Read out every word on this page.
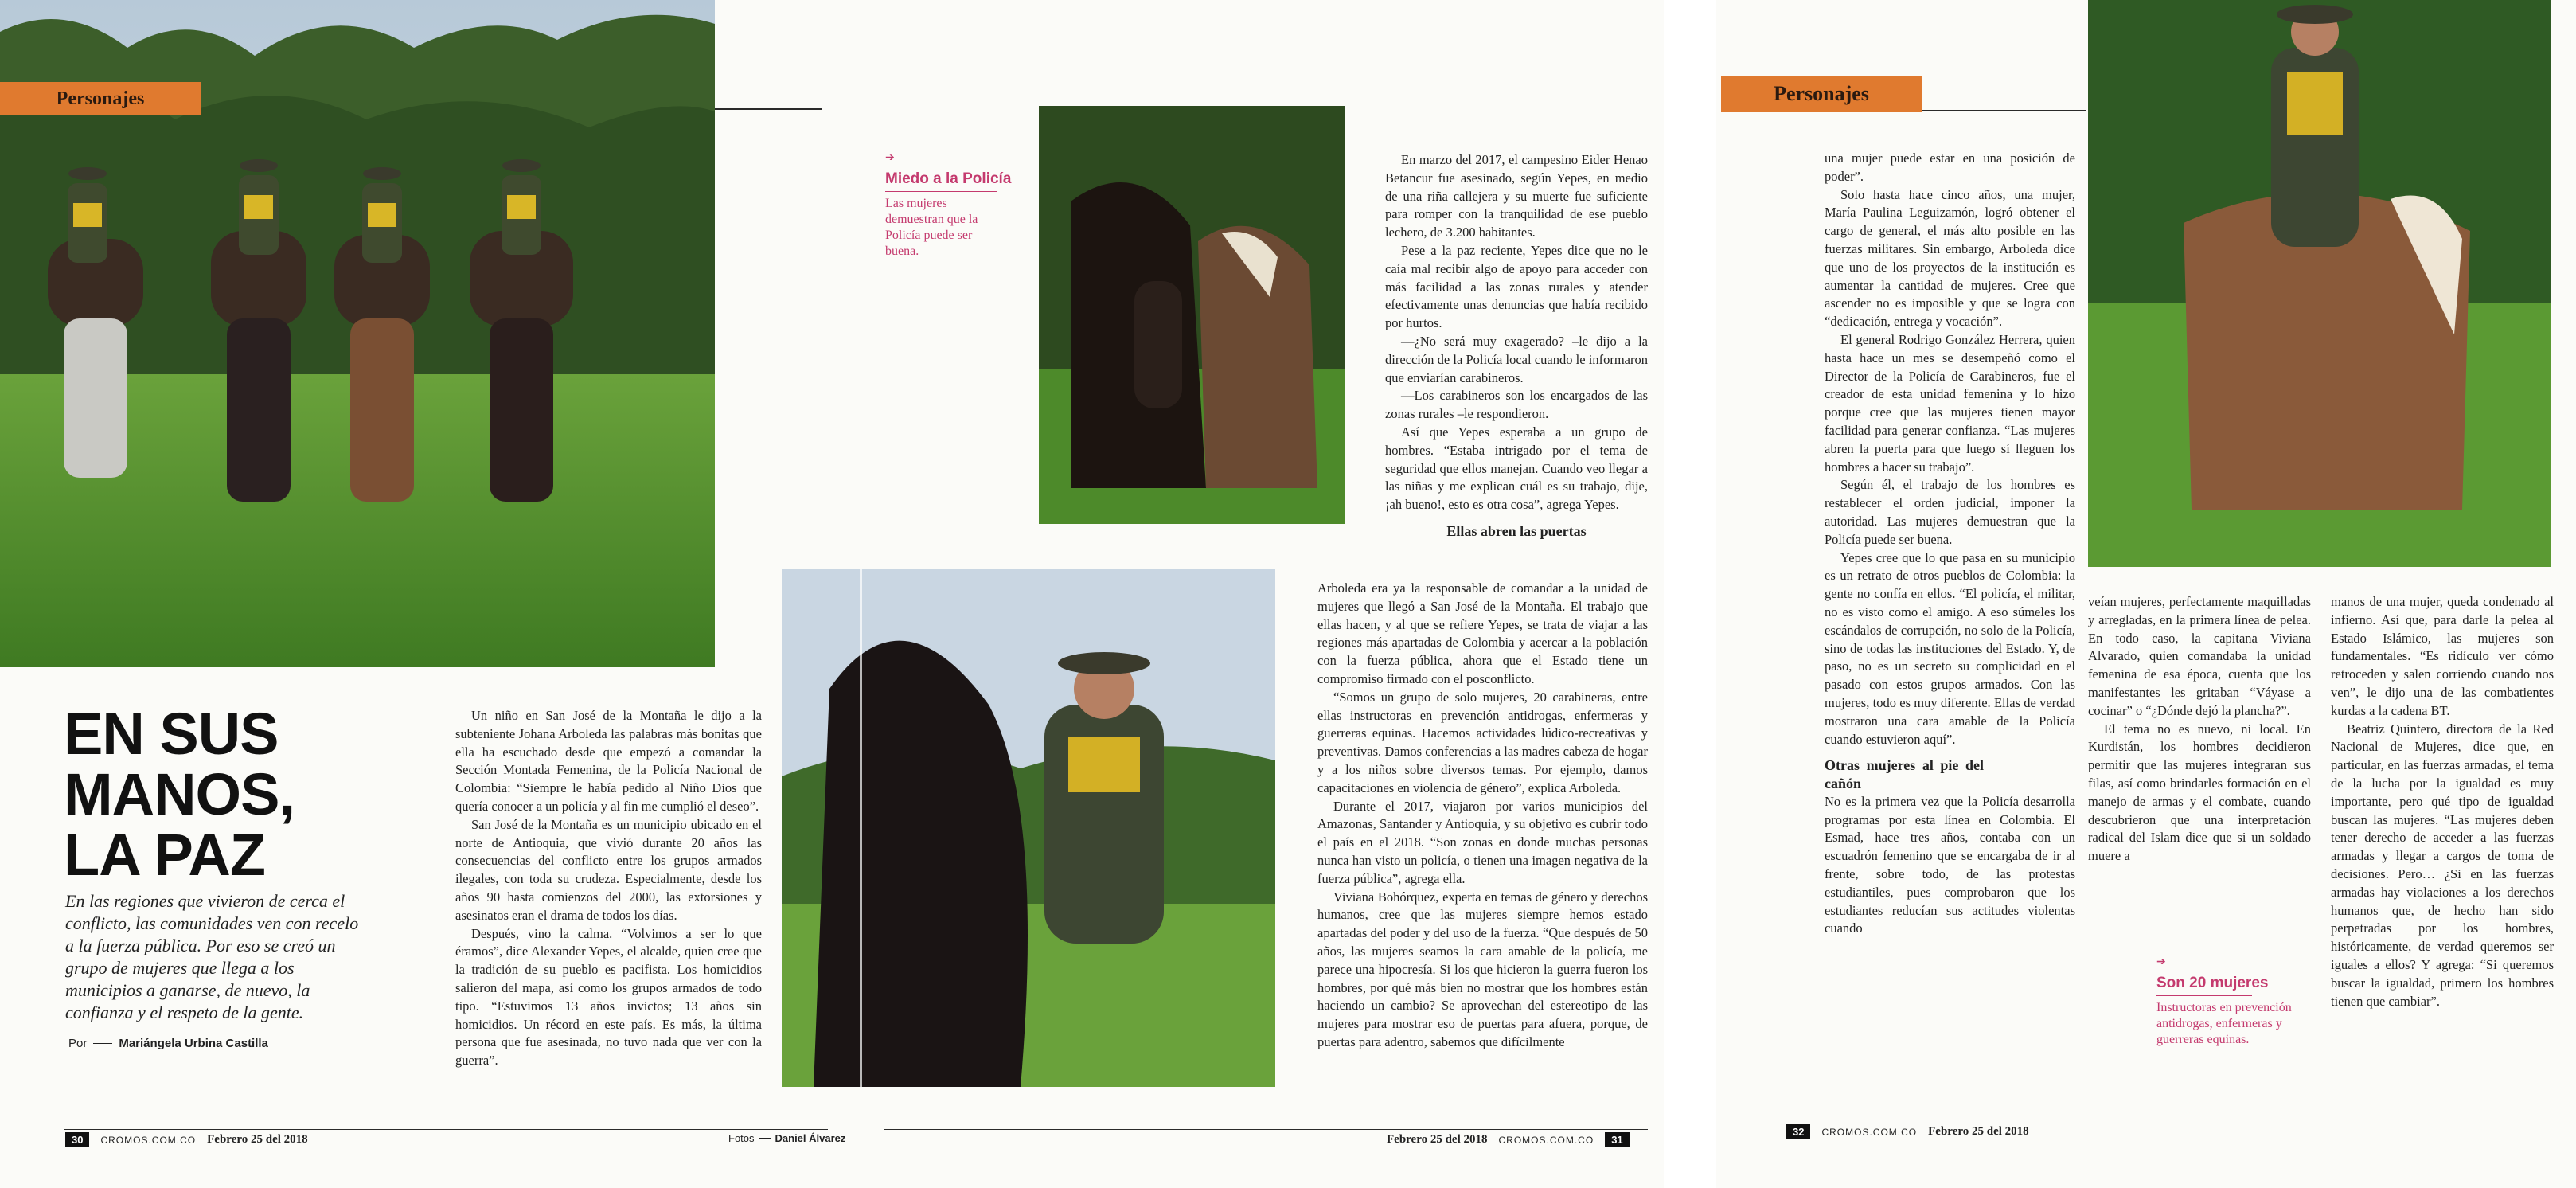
Personajes
EN SUS
MANOS,
LA PAZ
En las regiones que vivieron de cerca el conflicto, las comunidades ven con recelo a la fuerza pública. Por eso se creó un grupo de mujeres que llega a los municipios a ganarse, de nuevo, la confianza y el respeto de la gente.
Por	Mariángela Urbina Castilla

Un niño en San José de la Montaña le dijo a la subteniente Johana Arboleda las palabras más bonitas que ella ha escuchado desde que empezó a comandar la Sección Montada Femenina, de la Policía Nacional de Colombia: “Siempre le había pedido al Niño Dios que quería conocer a un policía y al fin me cumplió el deseo”.

San José de la Montaña es un municipio ubicado en el norte de Antioquia, que vivió durante 20 años las consecuencias del conflicto entre los grupos armados ilegales, con toda su crudeza. Especialmente, desde los años 90 hasta comienzos del 2000, las extorsiones y asesinatos eran el drama de todos los días.

Después, vino la calma. “Volvimos a ser lo que éramos”, dice Alexander Yepes, el alcalde, quien cree que la tradición de su pueblo es pacifista. Los homicidios salieron del mapa, así como los grupos armados de todo tipo. “Estuvimos 13 años invictos; 13 años sin homicidios. Un récord en este país. Es más, la última persona que fue asesinada, no tuvo nada que ver con la guerra”.

➔
Miedo a la Policía
Las mujeres demuestran que la Policía puede ser buena.

En marzo del 2017, el campesino Eider Henao Betancur fue asesinado, según Yepes, en medio de una riña callejera y su muerte fue suficiente para romper con la tranquilidad de ese pueblo lechero, de 3.200 habitantes.

Pese a la paz reciente, Yepes dice que no le caía mal recibir algo de apoyo para acceder con más facilidad a las zonas rurales y atender efectivamente unas denuncias que había recibido por hurtos.

—¿No será muy exagerado? –le dijo a la dirección de la Policía local cuando le informaron que enviarían carabineros.

—Los carabineros son los encargados de las zonas rurales –le respondieron.

Así que Yepes esperaba a un grupo de hombres. “Estaba intrigado por el tema de seguridad que ellos manejan. Cuando veo llegar a las niñas y me explican cuál es su trabajo, dije, ¡ah bueno!, esto es otra cosa”, agrega Yepes.

Ellas abren las puertas

Arboleda era ya la responsable de comandar a la unidad de mujeres que llegó a San José de la Montaña. El trabajo que ellas hacen, y al que se refiere Yepes, se trata de viajar a las regiones más apartadas de Colombia y acercar a la población con la fuerza pública, ahora que el Estado tiene un compromiso firmado con el posconflicto.

“Somos un grupo de solo mujeres, 20 carabineras, entre ellas instructoras en prevención antidrogas, enfermeras y guerreras equinas. Hacemos actividades lúdico-recreativas y preventivas. Damos conferencias a las madres cabeza de hogar y a los niños sobre diversos temas. Por ejemplo, damos capacitaciones en violencia de género”, explica Arboleda.

Durante el 2017, viajaron por varios municipios del Amazonas, Santander y Antioquia, y su objetivo es cubrir todo el país en el 2018. “Son zonas en donde muchas personas nunca han visto un policía, o tienen una imagen negativa de la fuerza pública”, agrega ella.

Viviana Bohórquez, experta en temas de género y derechos humanos, cree que las mujeres siempre hemos estado apartadas del poder y del uso de la fuerza. “Que después de 50 años, las mujeres seamos la cara amable de la policía, me parece una hipocresía. Si los que hicieron la guerra fueron los hombres, por qué más bien no mostrar que los hombres están haciendo un cambio? Se aprovechan del estereotipo de las mujeres para mostrar eso de puertas para afuera, porque, de puertas para adentro, sabemos que difícilmente

30	CROMOS.COM.CO Febrero 25 del 2018	Fotos Daniel Álvarez	Febrero 25 del 2018 CROMOS.COM.CO	31
Personajes

una mujer puede estar en una posición de poder”.

Solo hasta hace cinco años, una mujer, María Paulina Leguizamón, logró obtener el cargo de general, el más alto posible en las fuerzas militares. Sin embargo, Arboleda dice que uno de los proyectos de la institución es aumentar la cantidad de mujeres. Cree que ascender no es imposible y que se logra con “dedicación, entrega y vocación”.

El general Rodrigo González Herrera, quien hasta hace un mes se desempeñó como el Director de la Policía de Carabineros, fue el creador de esta unidad femenina y lo hizo porque cree que las mujeres tienen mayor facilidad para generar confianza. “Las mujeres abren la puerta para que luego sí lleguen los hombres a hacer su trabajo”.

Según él, el trabajo de los hombres es restablecer el orden judicial, imponer la autoridad. Las mujeres demuestran que la Policía puede ser buena.

Yepes cree que lo que pasa en su municipio es un retrato de otros pueblos de Colombia: la gente no confía en ellos. “El policía, el militar, no es visto como el amigo. A eso súmeles los escándalos de corrupción, no solo de la Policía, sino de todas las instituciones del Estado. Y, de paso, no es un secreto su complicidad en el pasado con estos grupos armados. Con las mujeres, todo es muy diferente. Ellas de verdad mostraron una cara amable de la Policía cuando estuvieron aquí”.

Otras mujeres al pie del cañón

No es la primera vez que la Policía desarrolla programas por esta línea en Colombia. El Esmad, hace tres años, contaba con un escuadrón femenino que se encargaba de ir al frente, sobre todo, de las protestas estudiantiles, pues comprobaron que los estudiantes reducían sus actitudes violentas cuando

veían mujeres, perfectamente maquilladas y arregladas, en la primera línea de pelea. En todo caso, la capitana Viviana Alvarado, quien comandaba la unidad femenina de esa época, cuenta que los manifestantes les gritaban “Váyase a cocinar” o “¿Dónde dejó la plancha?”.

El tema no es nuevo, ni local. En Kurdistán, los hombres decidieron permitir que las mujeres integraran sus filas, así como brindarles formación en el manejo de armas y el combate, cuando descubrieron que una interpretación radical del Islam dice que si un soldado muere a

➔
Son 20 mujeres
Instructoras en prevención antidrogas, enfermeras y guerreras equinas.

manos de una mujer, queda condenado al infierno. Así que, para darle la pelea al Estado Islámico, las mujeres son fundamentales. “Es ridículo ver cómo retroceden y salen corriendo cuando nos ven”, le dijo una de las combatientes kurdas a la cadena BT.

Beatriz Quintero, directora de la Red Nacional de Mujeres, dice que, en particular, en las fuerzas armadas, el tema de la lucha por la igualdad es muy importante, pero qué tipo de igualdad buscan las mujeres. “Las mujeres deben tener derecho de acceder a las fuerzas armadas y llegar a cargos de toma de decisiones. Pero… ¿Si en las fuerzas armadas hay violaciones a los derechos humanos que, de hecho han sido perpetradas por los hombres, históricamente, de verdad queremos ser iguales a ellos? Y agrega: “Si queremos buscar la igualdad, primero los hombres tienen que cambiar”.

32	CROMOS.COM.CO Febrero 25 del 2018
